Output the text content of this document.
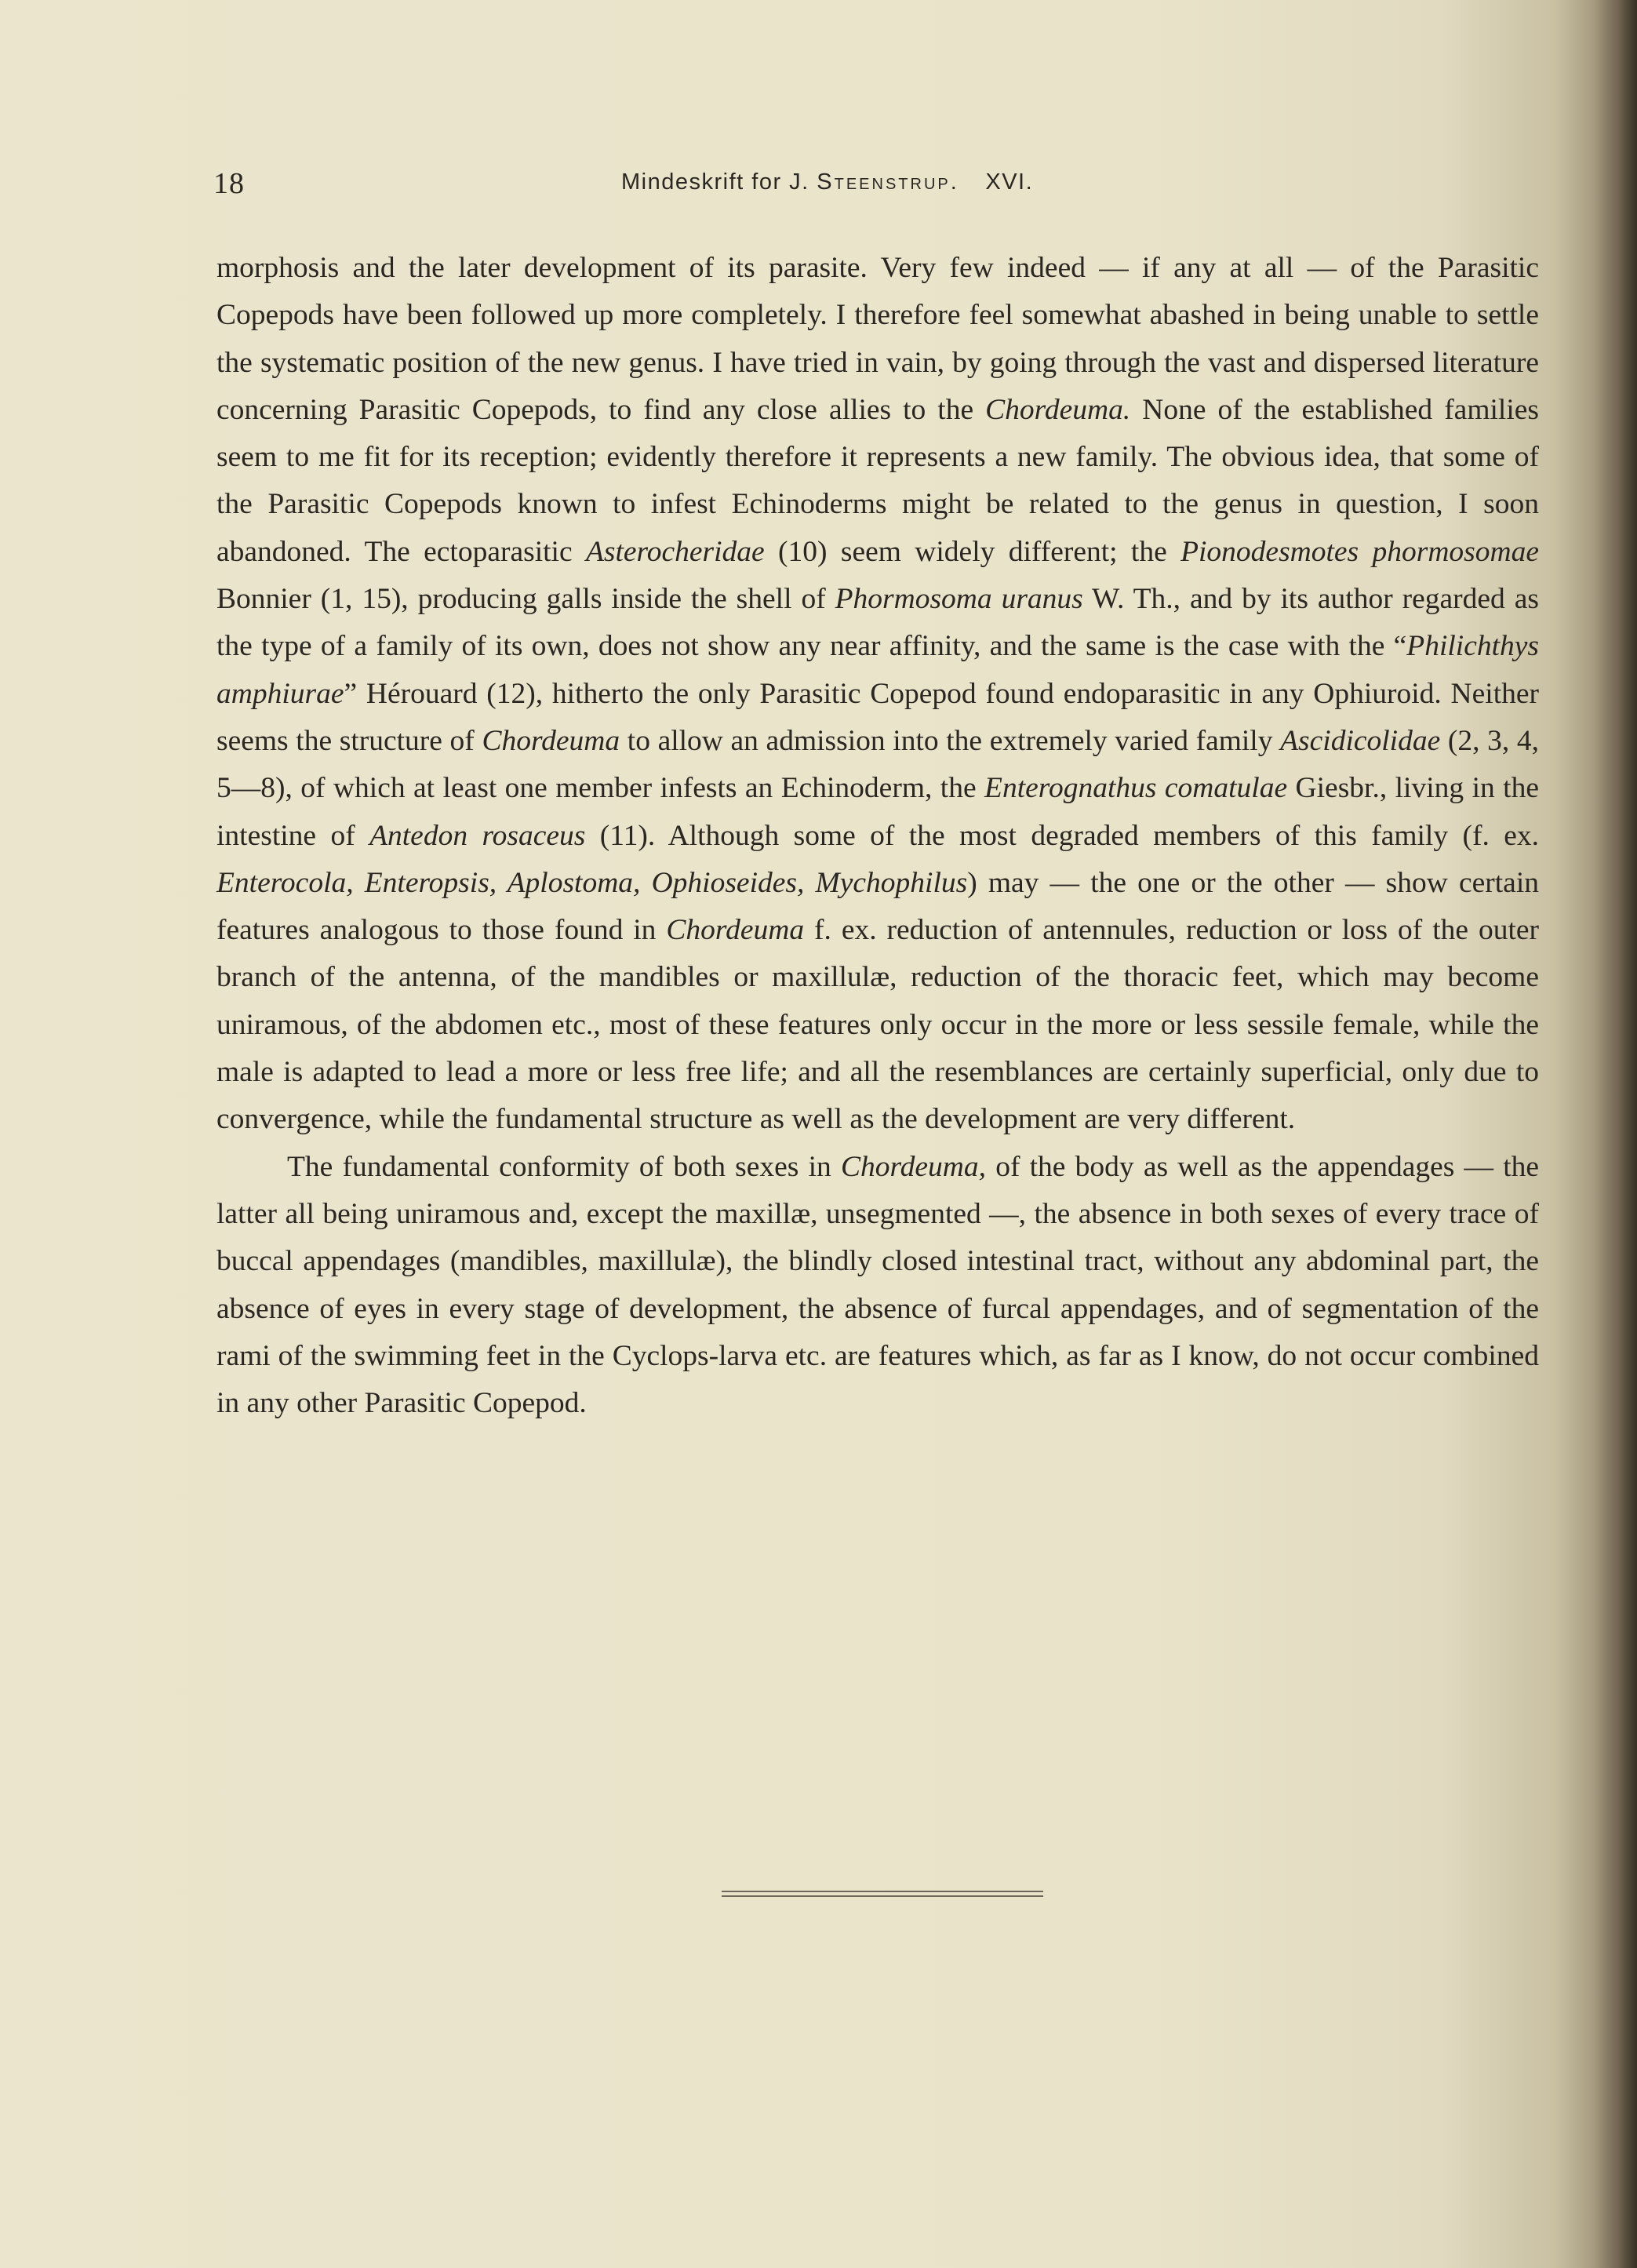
18	Mindeskrift for J. Steenstrup. XVI.

morphosis and the later development of its parasite. Very few indeed — if any at all — of the Parasitic Copepods have been followed up more completely. I therefore feel somewhat abashed in being unable to settle the systematic position of the new genus. I have tried in vain, by going through the vast and dispersed literature concerning Parasitic Copepods, to find any close allies to the Chordeuma. None of the established families seem to me fit for its reception; evidently therefore it represents a new family. The obvious idea, that some of the Parasitic Copepods known to infest Echinoderms might be related to the genus in question, I soon abandoned. The ectoparasitic Asterocheridae (10) seem widely different; the Pionodesmotes phormosomae Bonnier (1, 15), producing galls inside the shell of Phormosoma uranus W. Th., and by its author regarded as the type of a family of its own, does not show any near affinity, and the same is the case with the “Philichthys amphiurae” Hérouard (12), hitherto the only Parasitic Copepod found endoparasitic in any Ophiuroid. Neither seems the structure of Chordeuma to allow an admission into the extremely varied family Ascidicolidae (2, 3, 4, 5—8), of which at least one member infests an Echinoderm, the Enterognathus comatulae Giesbr., living in the intestine of Antedon rosaceus (11). Although some of the most degraded members of this family (f. ex. Enterocola, Enteropsis, Aplostoma, Ophioseides, Mychophilus) may — the one or the other — show certain features analogous to those found in Chordeuma f. ex. reduction of antennules, reduction or loss of the outer branch of the antenna, of the mandibles or maxillulæ, reduction of the thoracic feet, which may become uniramous, of the abdomen etc., most of these features only occur in the more or less sessile female, while the male is adapted to lead a more or less free life; and all the resemblances are certainly superficial, only due to convergence, while the fundamental structure as well as the development are very different.

The fundamental conformity of both sexes in Chordeuma, of the body as well as the appendages — the latter all being uniramous and, except the maxillæ, unsegmented —, the absence in both sexes of every trace of buccal appendages (mandibles, maxillulæ), the blindly closed intestinal tract, without any abdominal part, the absence of eyes in every stage of development, the absence of furcal appendages, and of segmentation of the rami of the swimming feet in the Cyclops-larva etc. are features which, as far as I know, do not occur combined in any other Parasitic Copepod.
